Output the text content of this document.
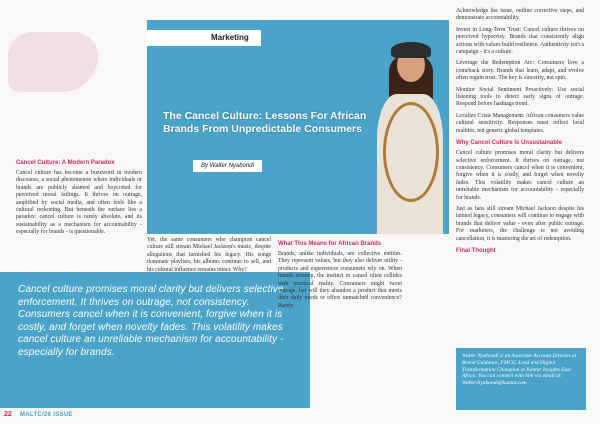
Marketing
The Cancel Culture: Lessons For African Brands From Unpredictable Consumers
By Walter Nyabondi
Cancel Culture: A Modern Paradox

Cancel culture has become a buzzword in modern discourse, a social phenomenon where individuals or brands are publicly shamed and boycotted for perceived moral failings. It thrives on outrage, amplified by social media, and often feels like a cultural reckoning. But beneath the surface lies a paradox: cancel culture is rarely absolute, and its sustainability as a mechanism for accountability - especially for brands - is questionable.

Cancel culture promises moral clarity but delivers selective enforcement. It thrives on outrage, not consistency. Consumers cancel when it is convenient, forgive when it is costly, and forget when novelty fades. This volatility makes cancel culture an unreliable mechanism for accountability - especially for brands.

Yet, the same consumers who champion cancel culture still stream Michael Jackson's music, despite allegations that tarnished his legacy. His songs dominate playlists, his albums continue to sell, and his cultural influence remains intact. Why?

What This Means for African Brands

Brands, unlike individuals, are collective entities. They represent values, but they also deliver utility - products and experiences consumers rely on. When brands misstep, the instinct to cancel often collides with practical reality. Consumers might tweet outrage, but will they abandon a product that meets their daily needs or offers unmatched convenience? Rarely.

Acknowledge the issue, outline corrective steps, and demonstrate accountability.

Invest in Long-Term Trust: Cancel culture thrives on perceived hypocrisy. Brands that consistently align actions with values build resilience. Authenticity isn't a campaign - it's a culture.

Leverage the Redemption Arc: Consumers love a comeback story. Brands that learn, adapt, and evolve often regain trust. The key is sincerity, not spin.

Monitor Social Sentiment Proactively: Use social listening tools to detect early signs of outrage. Respond before hashtags trend.

Localize Crisis Management: African consumers value cultural sensitivity. Responses must reflect local realities, not generic global templates.

Why Cancel Culture Is Unsustainable

Cancel culture promises moral clarity but delivers selective enforcement. It thrives on outrage, not consistency. Consumers cancel when it is convenient, forgive when it is costly, and forget when novelty fades. This volatility makes cancel culture an unreliable mechanism for accountability - especially for brands.

Just as fans still stream Michael Jackson despite his tainted legacy, consumers will continue to engage with brands that deliver value - even after public outrage. For marketers, the challenge is not avoiding cancellation, it is mastering the art of redemption.

Final Thought
Walter Nyabondi is an Associate Account Director at Brand Guidance, FMCG, Lead and Digital Transformation Champion at Kantar Insights East Africa. You can connect with him via email at: Walter.Nyabondi@kantar.com
22 MALTC/26 ISSUE
